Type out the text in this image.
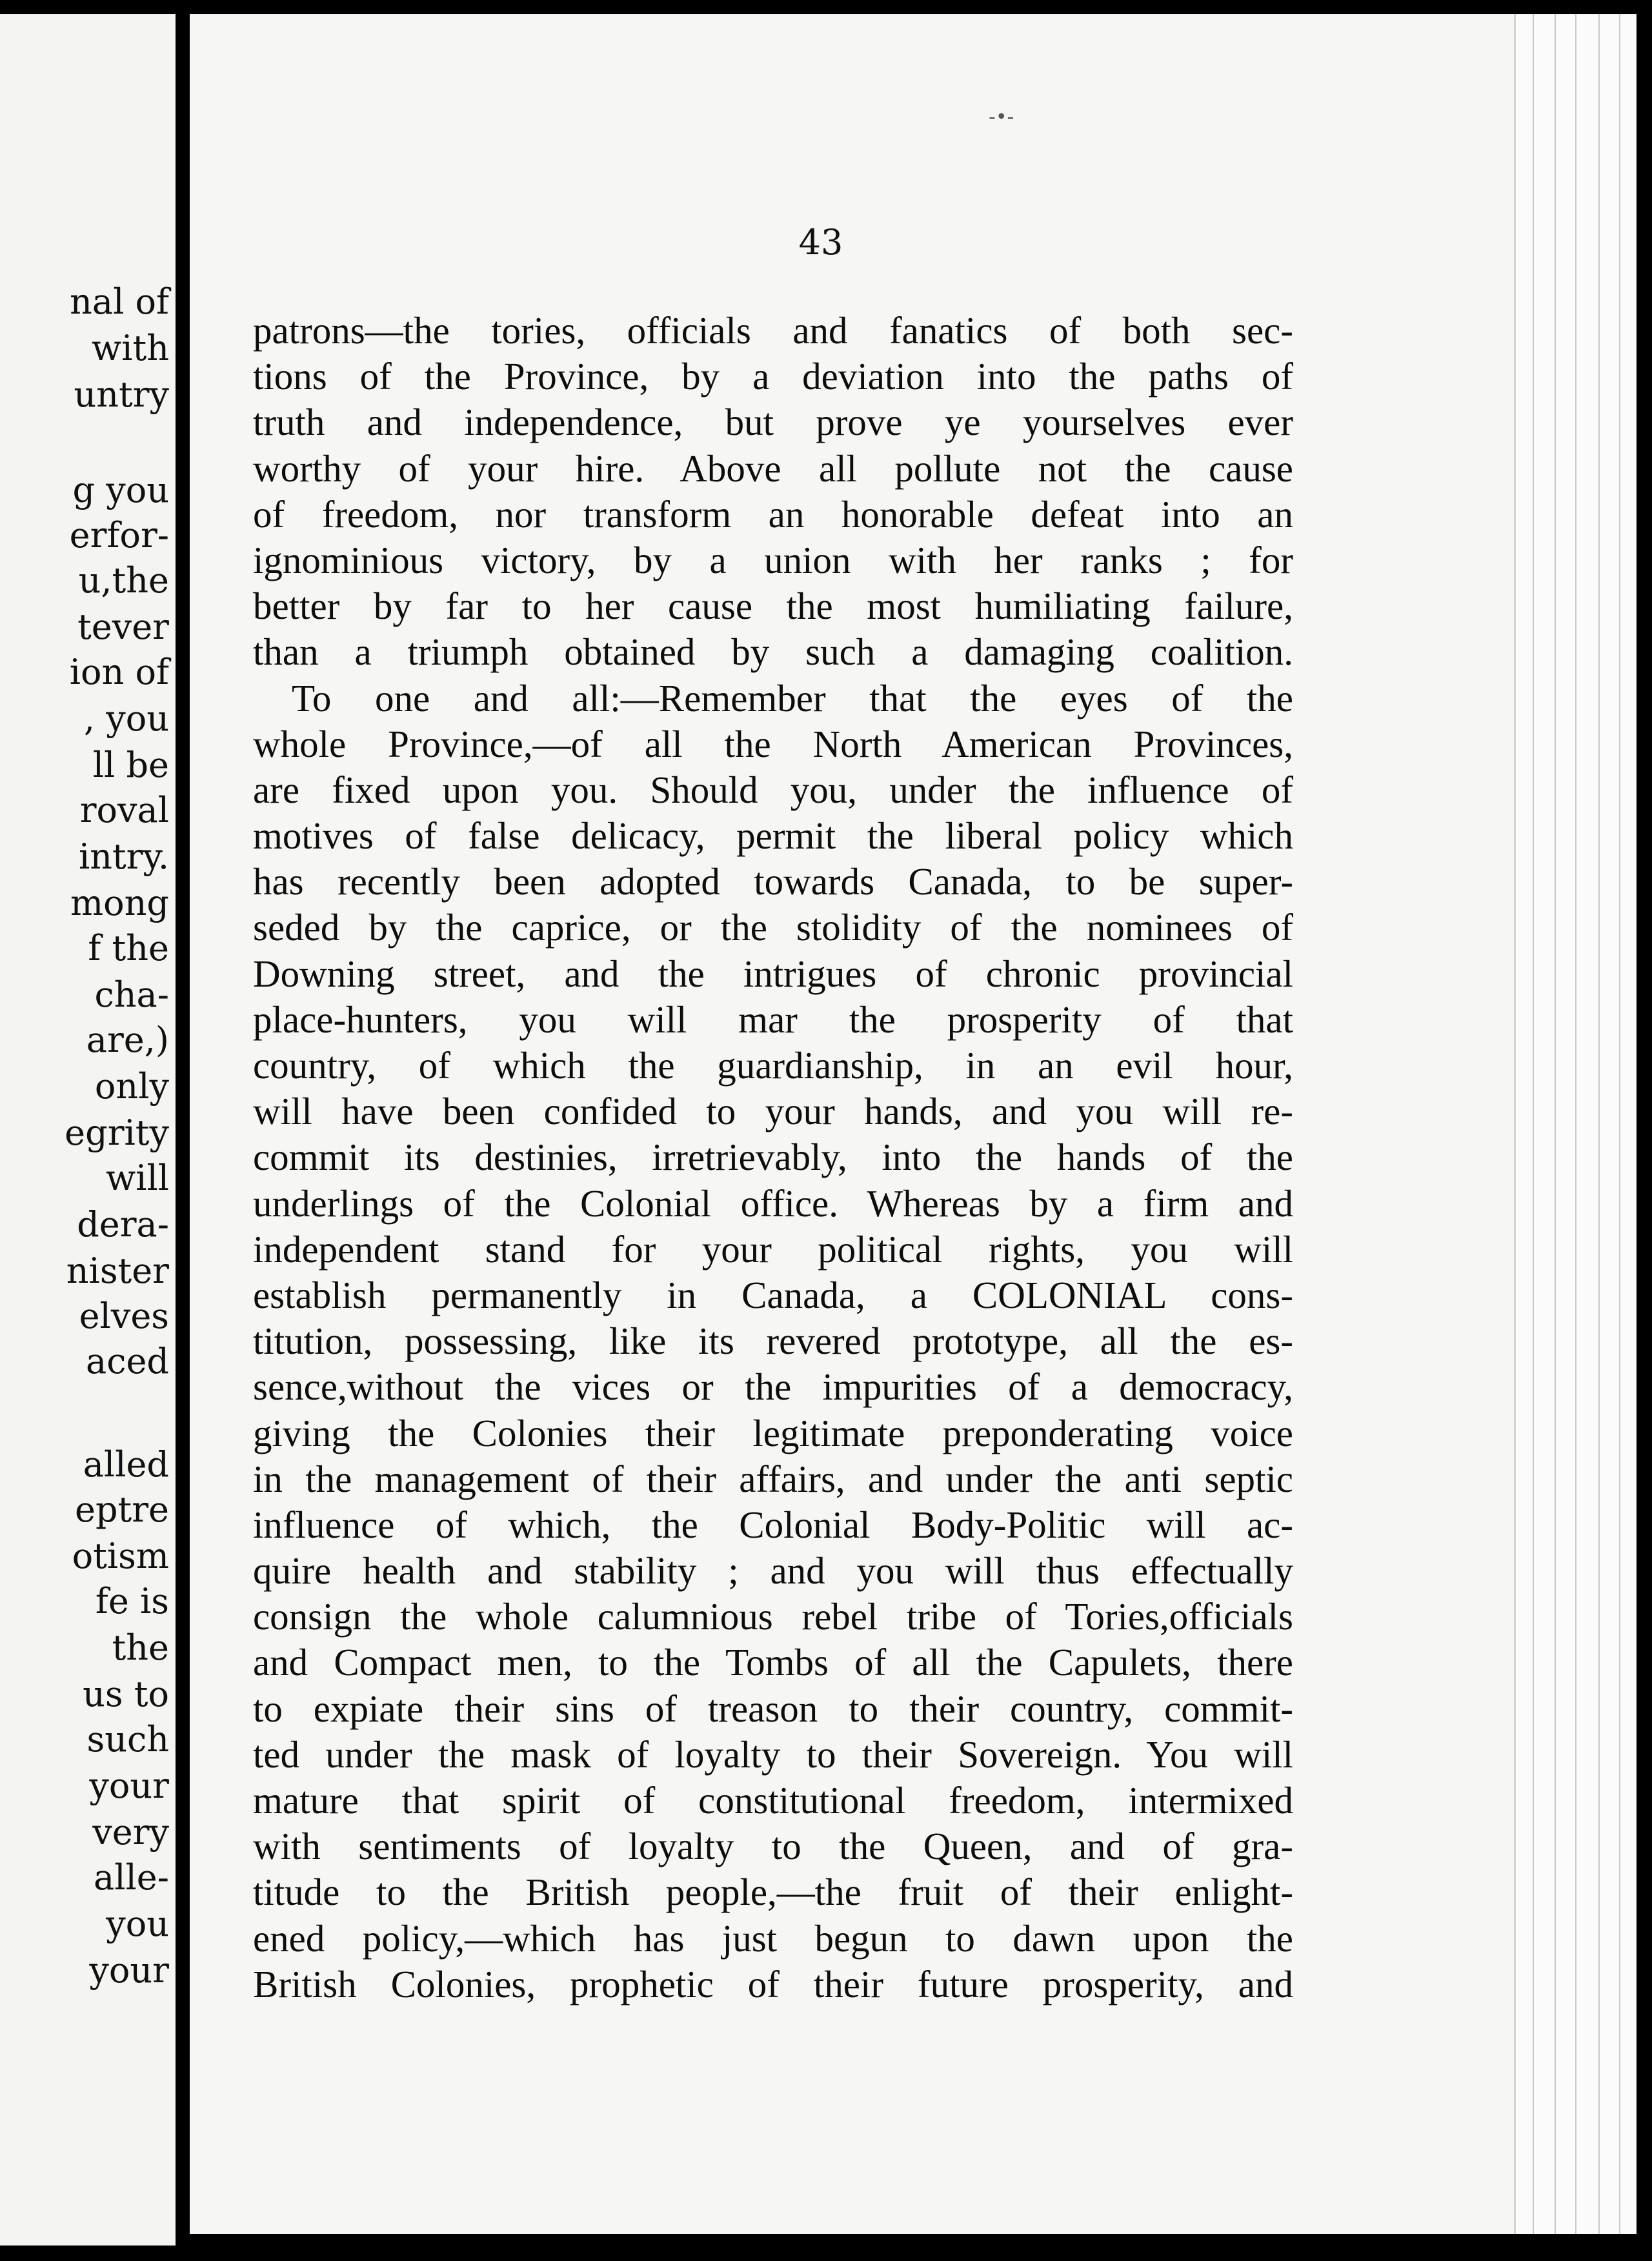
nal of
with
untry
g you
erfor-
u,the
tever
ion of
, you
ll be
roval
intry.
mong
f the
cha-
are,)
only
egrity
will
dera-
nister
elves
aced
alled
eptre
otism
fe is
the
us to
such
your
very
alle-
you
your
-•-
43
patrons—the tories, officials and fanatics of both sec-
tions of the Province, by a deviation into the paths of
truth and independence, but prove ye yourselves ever
worthy of your hire. Above all pollute not the cause
of freedom, nor transform an honorable defeat into an
ignominious victory, by a union with her ranks ; for
better by far to her cause the most humiliating failure,
than a triumph obtained by such a damaging coalition.
To one and all:—Remember that the eyes of the
whole Province,—of all the North American Provinces,
are fixed upon you. Should you, under the influence of
motives of false delicacy, permit the liberal policy which
has recently been adopted towards Canada, to be super-
seded by the caprice, or the stolidity of the nominees of
Downing street, and the intrigues of chronic provincial
place-hunters, you will mar the prosperity of that
country, of which the guardianship, in an evil hour,
will have been confided to your hands, and you will re-
commit its destinies, irretrievably, into the hands of the
underlings of the Colonial office. Whereas by a firm and
independent stand for your political rights, you will
establish permanently in Canada, a COLONIAL cons-
titution, possessing, like its revered prototype, all the es-
sence,without the vices or the impurities of a democracy,
giving the Colonies their legitimate preponderating voice
in the management of their affairs, and under the anti septic
influence of which, the Colonial Body-Politic will ac-
quire health and stability ; and you will thus effectually
consign the whole calumnious rebel tribe of Tories,officials
and Compact men, to the Tombs of all the Capulets, there
to expiate their sins of treason to their country, commit-
ted under the mask of loyalty to their Sovereign. You will
mature that spirit of constitutional freedom, intermixed
with sentiments of loyalty to the Queen, and of gra-
titude to the British people,—the fruit of their enlight-
ened policy,—which has just begun to dawn upon the
British Colonies, prophetic of their future prosperity, and
